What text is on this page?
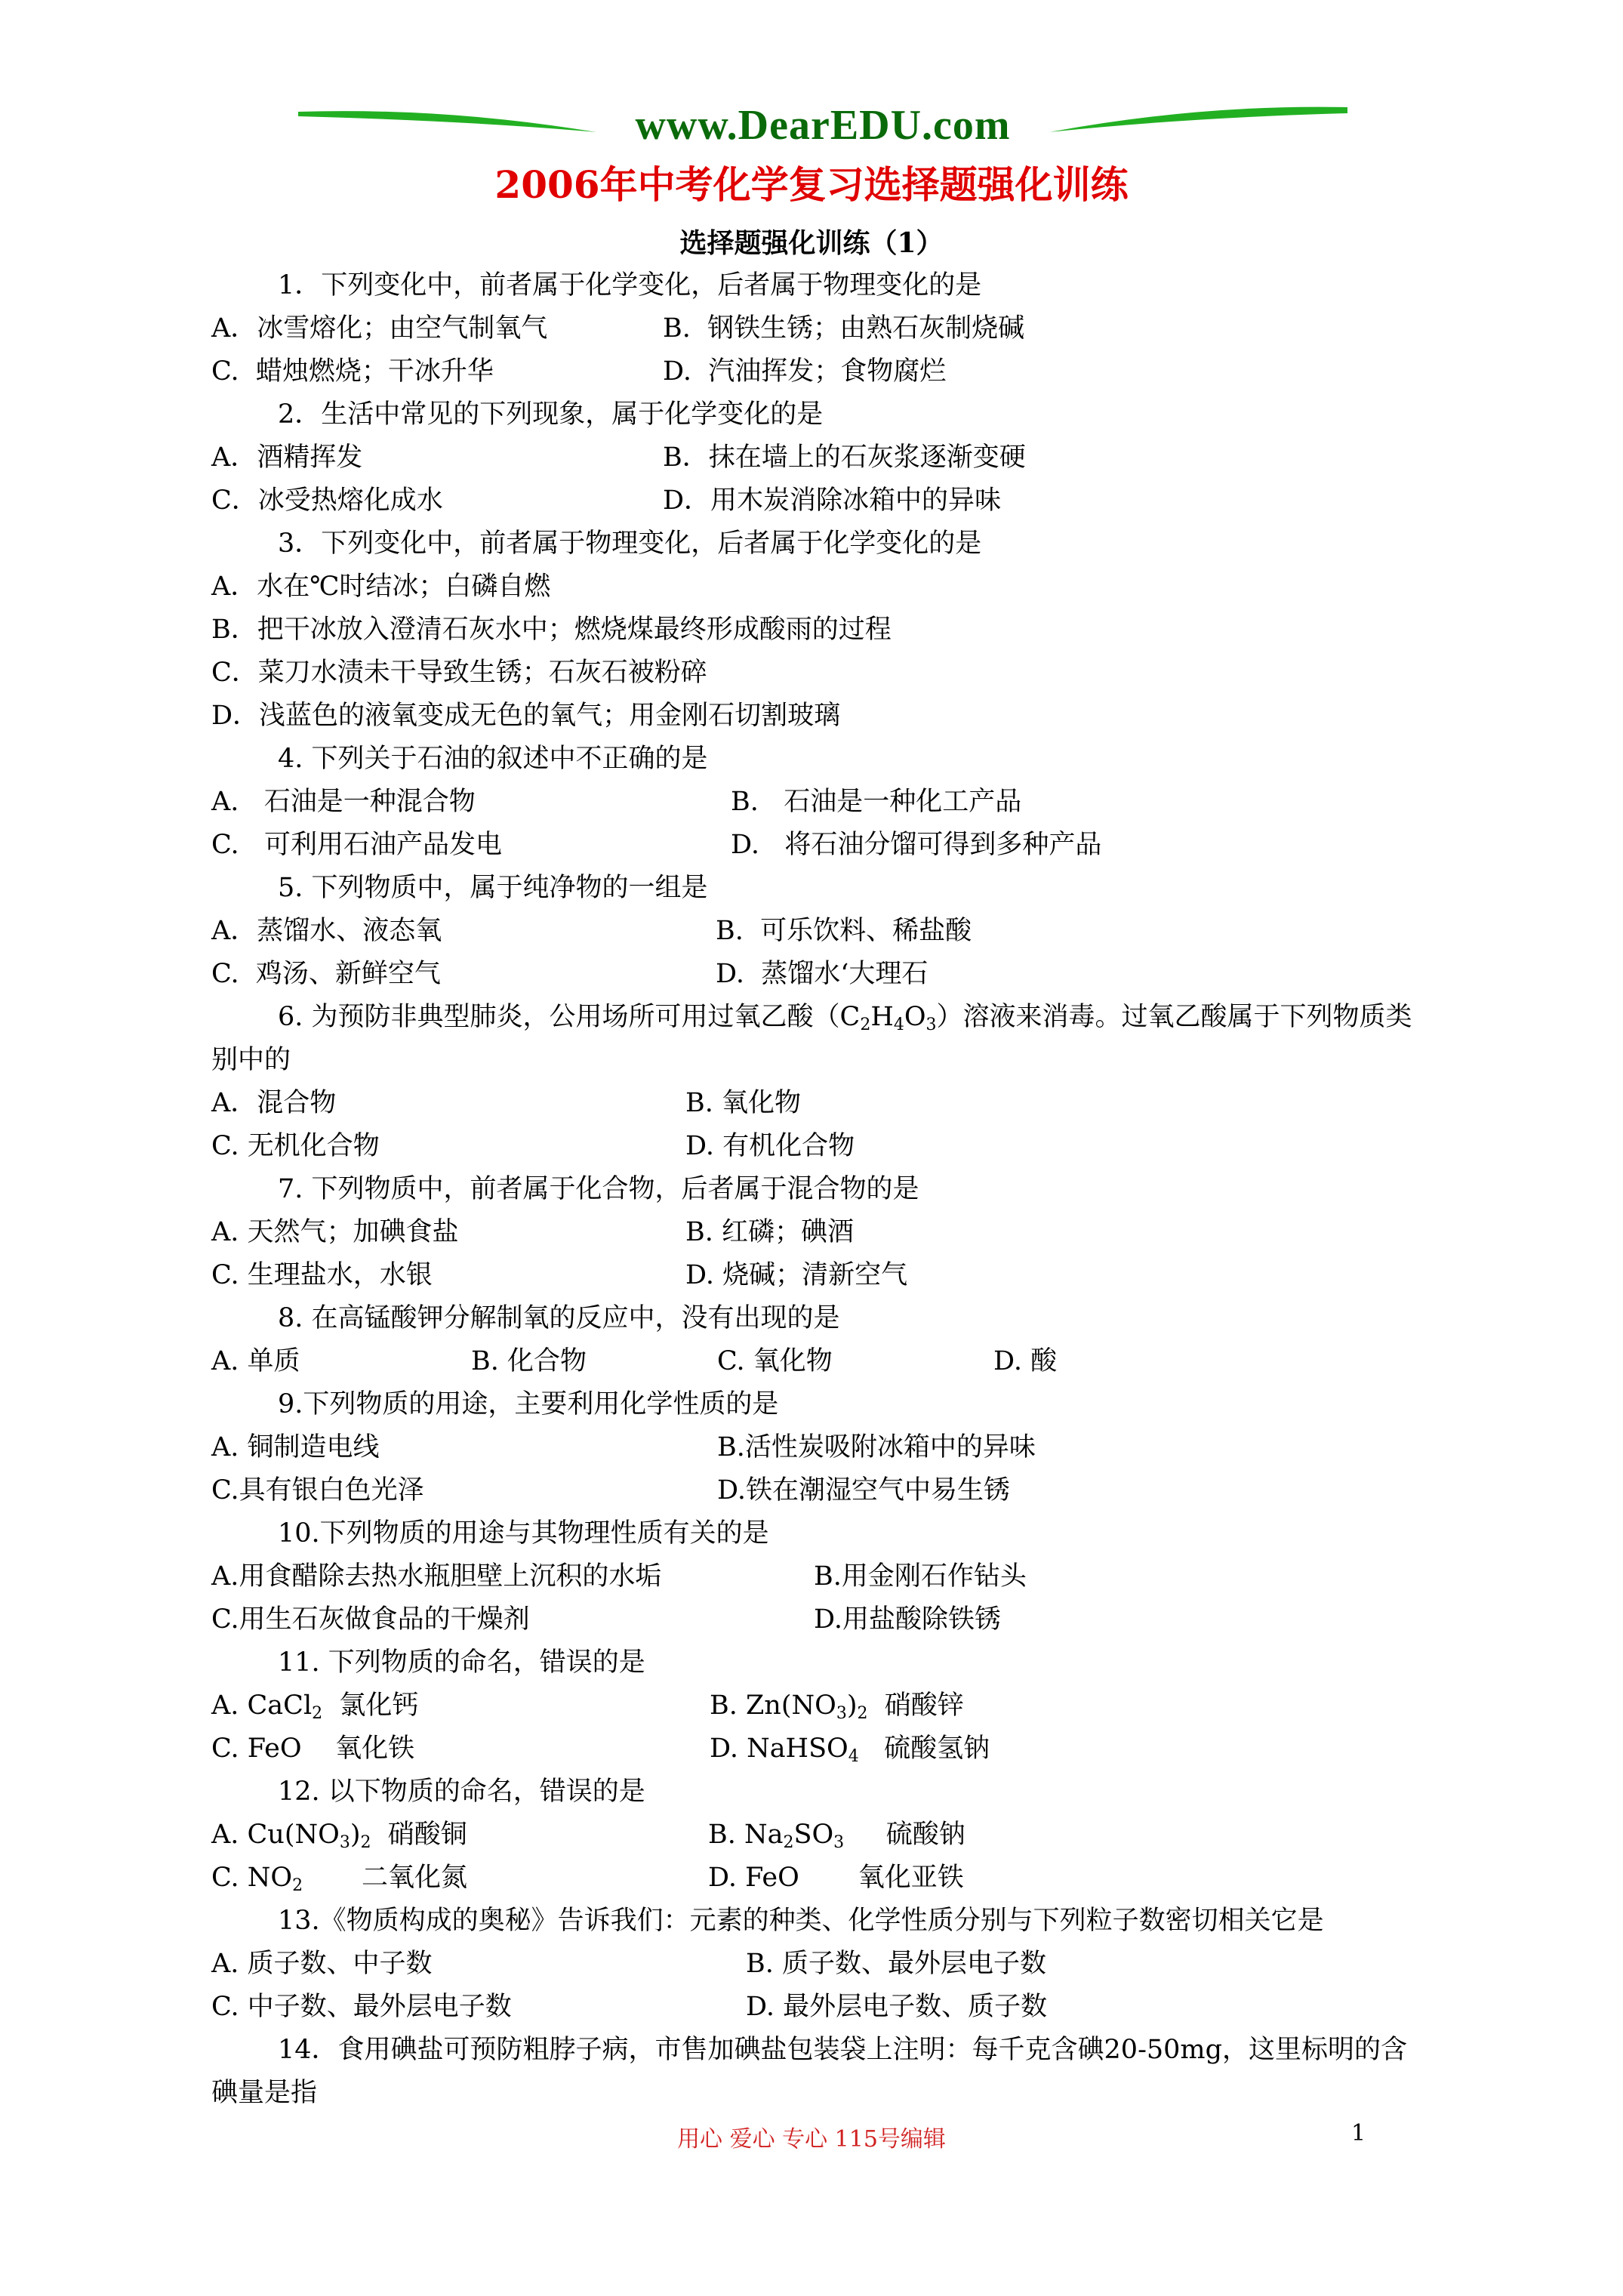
www.DearEDU.com
2006年中考化学复习选择题强化训练
选择题强化训练（1）
1．下列变化中，前者属于化学变化，后者属于物理变化的是
A．冰雪熔化；由空气制氧气	B.  钢铁生锈；由熟石灰制烧碱
C.  蜡烛燃烧；干冰升华	D.  汽油挥发；食物腐烂
2．生活中常见的下列现象，属于化学变化的是
A．酒精挥发	B．抹在墙上的石灰浆逐渐变硬
C．冰受热熔化成水	D．用木炭消除冰箱中的异味
3．下列变化中，前者属于物理变化，后者属于化学变化的是
A．水在℃时结冰；白磷自燃
B．把干冰放入澄清石灰水中；燃烧煤最终形成酸雨的过程
C．菜刀水渍未干导致生锈；石灰石被粉碎
D．浅蓝色的液氧变成无色的氧气；用金刚石切割玻璃
4. 下列关于石油的叙述中不正确的是
A.   石油是一种混合物	B.   石油是一种化工产品
C.   可利用石油产品发电	D.   将石油分馏可得到多种产品
5. 下列物质中，属于纯净物的一组是
A．蒸馏水、液态氧	B.  可乐饮料、稀盐酸
C.  鸡汤、新鲜空气	D.  蒸馏水‘大理石
6. 为预防非典型肺炎，公用场所可用过氧乙酸$(C_2H_4O_3)$溶液来消毒。过氧乙酸属于下列物质类别中的
A．混合物	B. 氧化物
C. 无机化合物	D. 有机化合物
7. 下列物质中，前者属于化合物，后者属于混合物的是
A. 天然气；加碘食盐	B. 红磷；碘酒
C. 生理盐水，水银	D. 烧碱；清新空气
8. 在高锰酸钾分解制氧的反应中，没有出现的是
A. 单质	B. 化合物	C. 氧化物	D. 酸
9.下列物质的用途，主要利用化学性质的是
A. 铜制造电线	B.活性炭吸附冰箱中的异味
C.具有银白色光泽	D.铁在潮湿空气中易生锈
10.下列物质的用途与其物理性质有关的是
A.用食醋除去热水瓶胆壁上沉积的水垢	B.用金刚石作钻头
C.用生石灰做食品的干燥剂	D.用盐酸除铁锈
11. 下列物质的命名，错误的是
A. CaCl$_2$  氯化钙	B. $Zn(NO_3)_2$  硝酸锌
C. FeO    氧化铁	D. NaHSO$_4$   硫酸氢钠
12. 以下物质的命名，错误的是
A. $Cu(NO_3)_2$  硝酸铜	B. $Na_2SO_3$     硫酸钠
C. $NO_2$       二氧化氮	D. FeO       氧化亚铁
13.《物质构成的奥秘》告诉我们：元素的种类、化学性质分别与下列粒子数密切相关它是
A. 质子数、中子数	B. 质子数、最外层电子数
C. 中子数、最外层电子数	D. 最外层电子数、质子数
14．食用碘盐可预防粗脖子病，市售加碘盐包装袋上注明：每千克含碘20-50mg，这里标明的含碘量是指
用心 爱心 专心 115号编辑	1
